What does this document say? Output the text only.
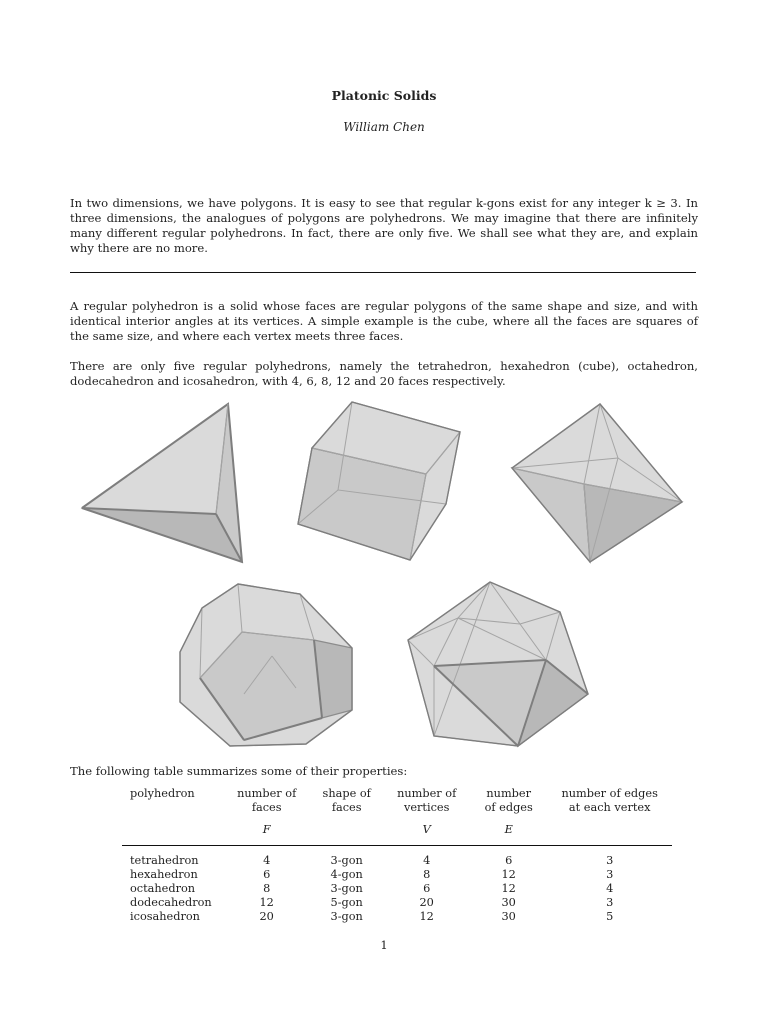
Platonic Solids
William Chen

In two dimensions, we have polygons. It is easy to see that regular k-gons exist for any integer k ≥ 3. In three dimensions, the analogues of polygons are polyhedrons. We may imagine that there are infinitely many different regular polyhedrons. In fact, there are only five. We shall see what they are, and explain why there are no more.

A regular polyhedron is a solid whose faces are regular polygons of the same shape and size, and with identical interior angles at its vertices. A simple example is the cube, where all the faces are squares of the same size, and where each vertex meets three faces.

There are only five regular polyhedrons, namely the tetrahedron, hexahedron (cube), octahedron, dodecahedron and icosahedron, with 4, 6, 8, 12 and 20 faces respectively.

The following table summarizes some of their properties:

polyhedron	number of faces	shape of faces	number of vertices	number of edges	number of edges at each vertex
	F		V	E	
tetrahedron	4	3-gon	4	6	3
hexahedron	6	4-gon	8	12	3
octahedron	8	3-gon	6	12	4
dodecahedron	12	5-gon	20	30	3
icosahedron	20	3-gon	12	30	5
1
